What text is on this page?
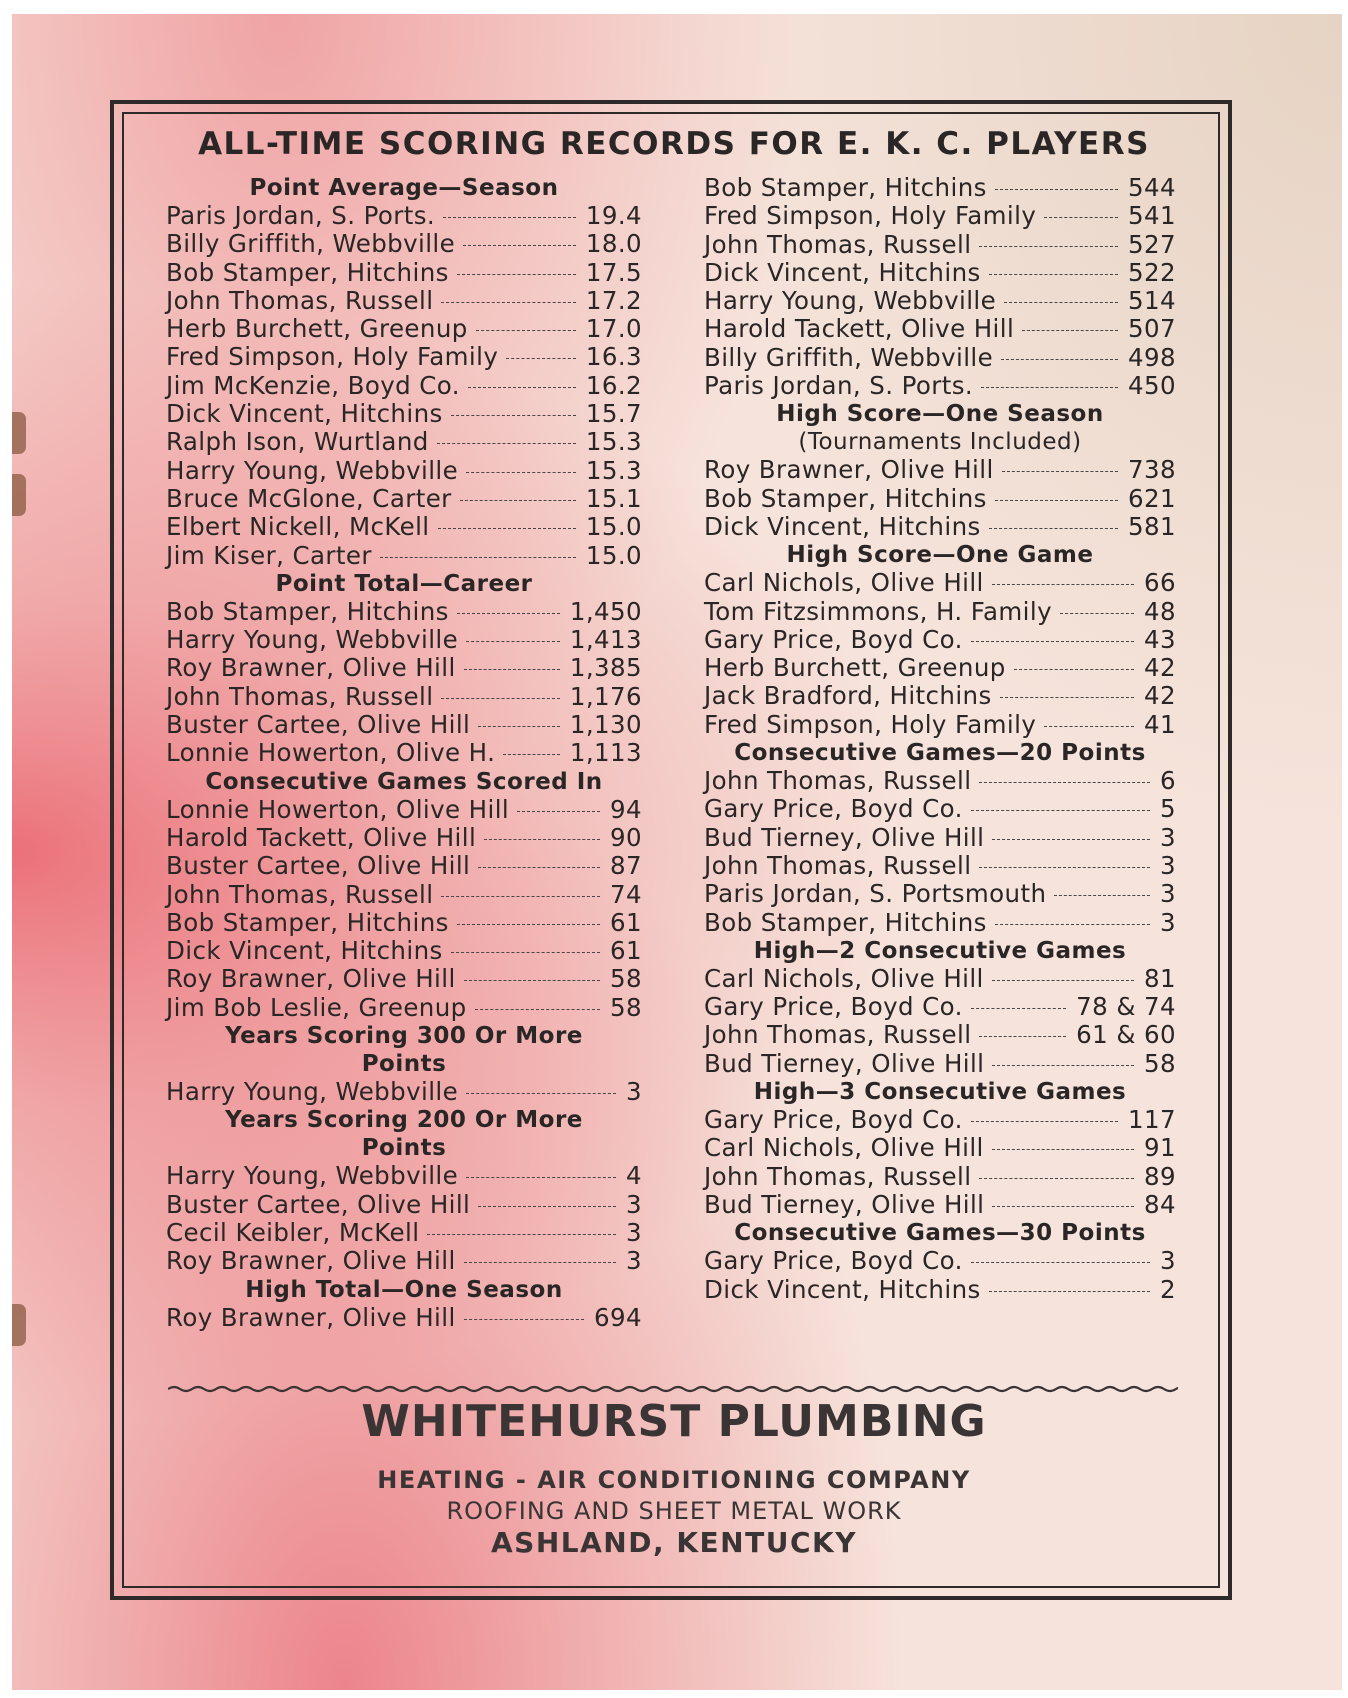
ALL-TIME SCORING RECORDS FOR E. K. C. PLAYERS
Point Average—Season
Paris Jordan, S. Ports.	19.4
Billy Griffith, Webbville	18.0
Bob Stamper, Hitchins	17.5
John Thomas, Russell	17.2
Herb Burchett, Greenup	17.0
Fred Simpson, Holy Family	16.3
Jim McKenzie, Boyd Co.	16.2
Dick Vincent, Hitchins	15.7
Ralph Ison, Wurtland	15.3
Harry Young, Webbville	15.3
Bruce McGlone, Carter	15.1
Elbert Nickell, McKell	15.0
Jim Kiser, Carter	15.0
Point Total—Career
Bob Stamper, Hitchins	1,450
Harry Young, Webbville	1,413
Roy Brawner, Olive Hill	1,385
John Thomas, Russell	1,176
Buster Cartee, Olive Hill	1,130
Lonnie Howerton, Olive H.	1,113
Consecutive Games Scored In
Lonnie Howerton, Olive Hill	94
Harold Tackett, Olive Hill	90
Buster Cartee, Olive Hill	87
John Thomas, Russell	74
Bob Stamper, Hitchins	61
Dick Vincent, Hitchins	61
Roy Brawner, Olive Hill	58
Jim Bob Leslie, Greenup	58
Years Scoring 300 Or More
Points
Harry Young, Webbville	3
Years Scoring 200 Or More
Points
Harry Young, Webbville	4
Buster Cartee, Olive Hill	3
Cecil Keibler, McKell	3
Roy Brawner, Olive Hill	3
High Total—One Season
Roy Brawner, Olive Hill	694
Bob Stamper, Hitchins	544
Fred Simpson, Holy Family	541
John Thomas, Russell	527
Dick Vincent, Hitchins	522
Harry Young, Webbville	514
Harold Tackett, Olive Hill	507
Billy Griffith, Webbville	498
Paris Jordan, S. Ports.	450
High Score—One Season
(Tournaments Included)
Roy Brawner, Olive Hill	738
Bob Stamper, Hitchins	621
Dick Vincent, Hitchins	581
High Score—One Game
Carl Nichols, Olive Hill	66
Tom Fitzsimmons, H. Family	48
Gary Price, Boyd Co.	43
Herb Burchett, Greenup	42
Jack Bradford, Hitchins	42
Fred Simpson, Holy Family	41
Consecutive Games—20 Points
John Thomas, Russell	6
Gary Price, Boyd Co.	5
Bud Tierney, Olive Hill	3
John Thomas, Russell	3
Paris Jordan, S. Portsmouth	3
Bob Stamper, Hitchins	3
High—2 Consecutive Games
Carl Nichols, Olive Hill	81
Gary Price, Boyd Co.	78 & 74
John Thomas, Russell	61 & 60
Bud Tierney, Olive Hill	58
High—3 Consecutive Games
Gary Price, Boyd Co.	117
Carl Nichols, Olive Hill	91
John Thomas, Russell	89
Bud Tierney, Olive Hill	84
Consecutive Games—30 Points
Gary Price, Boyd Co.	3
Dick Vincent, Hitchins	2
WHITEHURST PLUMBING
HEATING - AIR CONDITIONING COMPANY
ROOFING AND SHEET METAL WORK
ASHLAND, KENTUCKY
